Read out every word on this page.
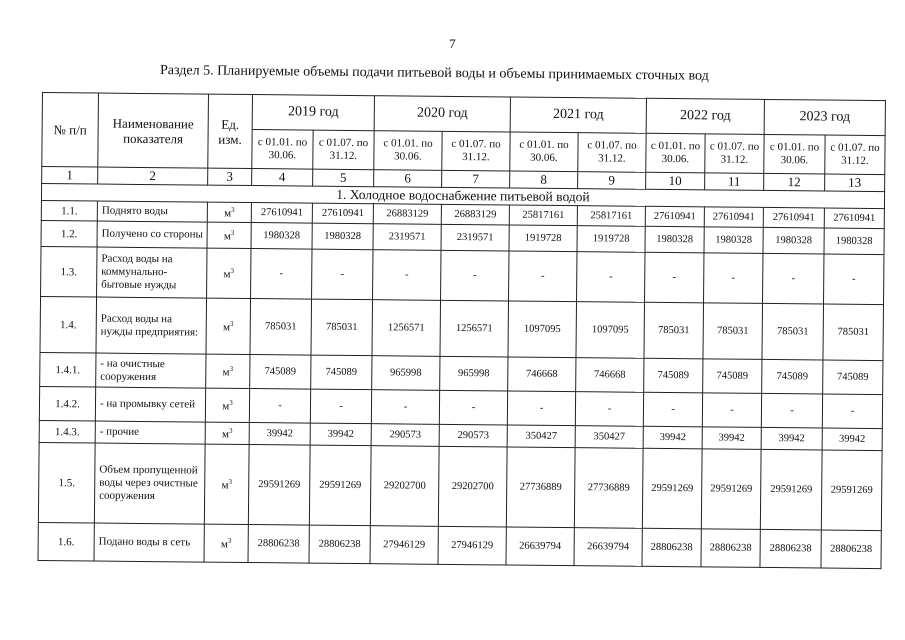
7
Раздел 5. Планируемые объемы подачи питьевой воды и объемы принимаемых сточных вод
№ п/п	Наименование показателя	Ед. изм.	2019 год		2020 год		2021 год		2022 год		2023 год	
			с 01.01. по 30.06.	с 01.07. по 31.12.	с 01.01. по 30.06.	с 01.07. по 31.12.	с 01.01. по 30.06.	с 01.07. по 31.12.	с 01.01. по 30.06.	с 01.07. по 31.12.	с 01.01. по 30.06.	с 01.07. по 31.12.
1	2	3	4	5	6	7	8	9	10	11	12	13
1. Холодное водоснабжение питьевой водой												
1.1.	Поднято воды	$м^3$	27610941	27610941	26883129	26883129	25817161	25817161	27610941	27610941	27610941	27610941
1.2.	Получено со стороны	$м^3$	1980328	1980328	2319571	2319571	1919728	1919728	1980328	1980328	1980328	1980328
1.3.	Расход воды на коммунально-бытовые нужды	$м^3$	-	-	-	-	-	-	-	-	-	-
1.4.	Расход воды на нужды предприятия:	$м^3$	785031	785031	1256571	1256571	1097095	1097095	785031	785031	785031	785031
1.4.1.	- на очистные сооружения	$м^3$	745089	745089	965998	965998	746668	746668	745089	745089	745089	745089
1.4.2.	- на промывку сетей	$м^3$	-	-	-	-	-	-	-	-	-	-
1.4.3.	- прочие	$м^3$	39942	39942	290573	290573	350427	350427	39942	39942	39942	39942
1.5.	Объем пропущенной воды через очистные сооружения	$м^3$	29591269	29591269	29202700	29202700	27736889	27736889	29591269	29591269	29591269	29591269
1.6.	Подано воды в сеть	$м^3$	28806238	28806238	27946129	27946129	26639794	26639794	28806238	28806238	28806238	28806238
